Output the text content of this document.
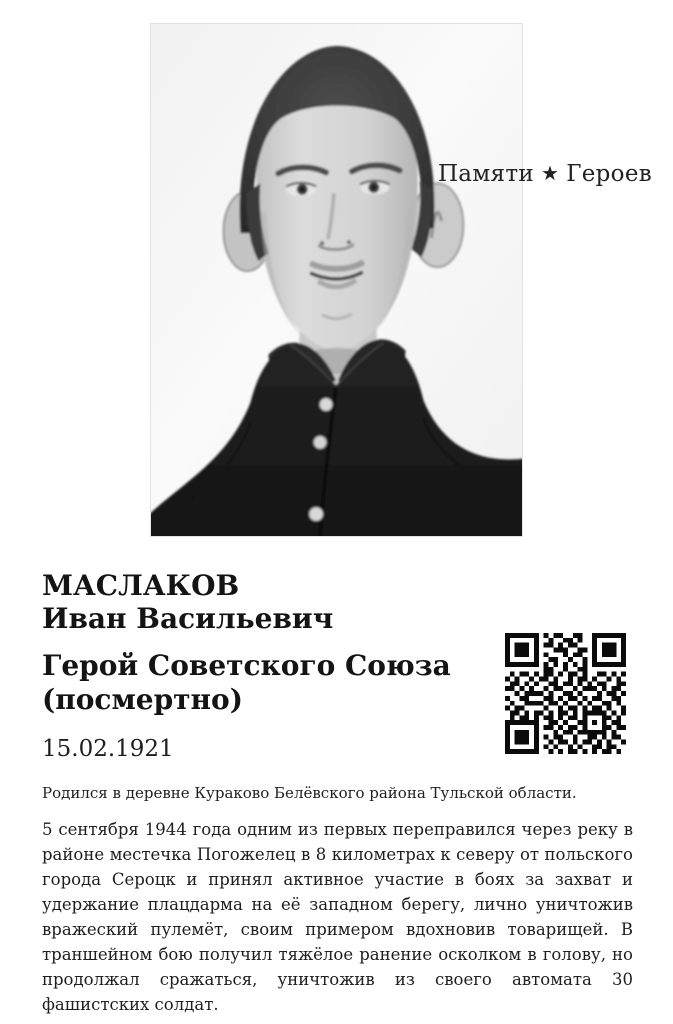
Памяти ★ Героев
МАСЛАКОВ
Иван Васильевич
Герой Советского Союза
(посмертно)
15.02.1921

Родился в деревне Кураково Белёвского района Тульской области.

5 сентября 1944 года одним из первых переправился через реку в районе местечка Погожелец в 8 километрах к северу от польского города Сероцк и принял активное участие в боях за захват и удержание плацдарма на её западном берегу, лично уничтожив вражеский пулемёт, своим примером вдохновив товарищей. В траншейном бою получил тяжёлое ранение осколком в голову, но продолжал сражаться, уничтожив из своего автомата 30 фашистских солдат.
